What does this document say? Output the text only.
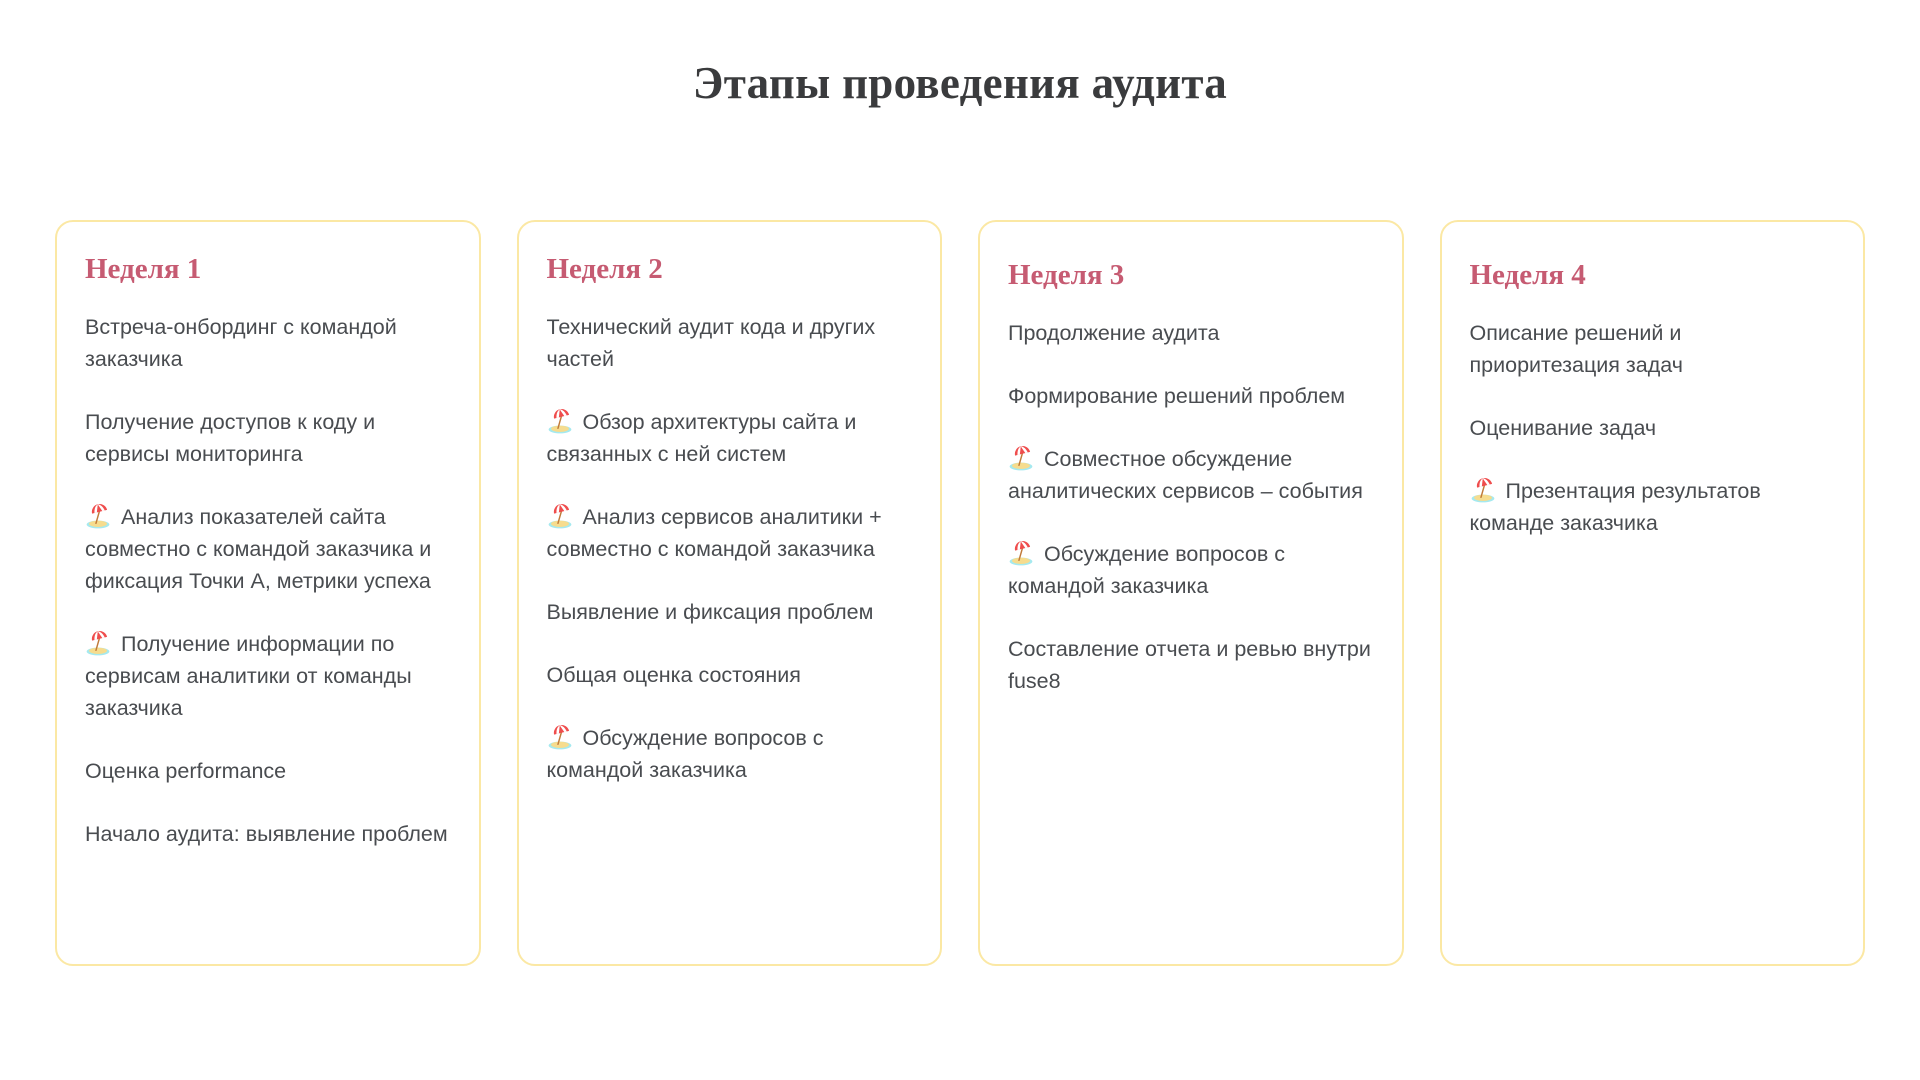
Этапы проведения аудита
Неделя 1

Встреча-онбординг с командой заказчика

Получение доступов к коду и сервисы мониторинга

Анализ показателей сайта совместно с командой заказчика и фиксация Точки А, метрики успеха

Получение информации по сервисам аналитики от команды заказчика

Оценка performance

Начало аудита: выявление проблем

Неделя 2

Технический аудит кода и других частей

Обзор архитектуры сайта и связанных с ней систем

Анализ сервисов аналитики + совместно с командой заказчика

Выявление и фиксация проблем

Общая оценка состояния

Обсуждение вопросов с командой заказчика

Неделя 3

Продолжение аудита

Формирование решений проблем

Совместное обсуждение аналитических сервисов – события

Обсуждение вопросов с командой заказчика

Составление отчета и ревью внутри fuse8

Неделя 4

Описание решений и приоритезация задач

Оценивание задач

Презентация результатов команде заказчика
